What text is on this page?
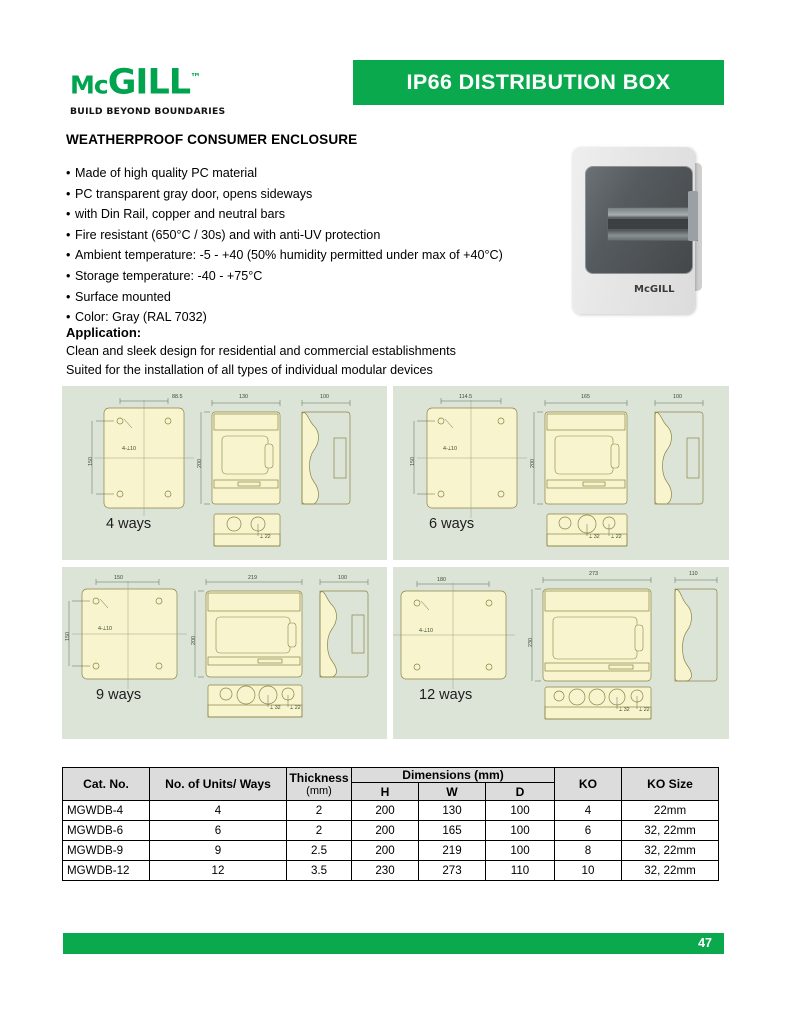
McGILL™
BUILD BEYOND BOUNDARIES
IP66 DISTRIBUTION BOX
WEATHERPROOF CONSUMER ENCLOSURE
• Made of high quality PC material
• PC transparent gray door, opens sideways
• with Din Rail, copper and neutral bars
• Fire resistant (650°C / 30s) and with anti-UV protection
• Ambient temperature: -5 - +40 (50% humidity permitted under max of +40°C)
• Storage temperature: -40 - +75°C
• Surface mounted
• Color: Gray (RAL 7032)
Application:
Clean and sleek design for residential and commercial establishments
Suited for the installation of all types of individual modular devices
McGILL
88.5
4-⟘10
150
130
200
100
⟘ 22
4 ways
114.5
4-⟘10
150
165
200
100
⟘ 32 ⟘ 22
6 ways
150
4-⟘10
150
219
200
100
⟘ 32 ⟘ 22
9 ways
180
4-⟘10
273
230
110
⟘ 32 ⟘ 22
12 ways
Cat. No.	No. of Units/ Ways	Thickness
(mm)	Dimensions (mm)			KO	KO Size
			H	W	D		
MGWDB-4	4	2	200	130	100	4	22mm
MGWDB-6	6	2	200	165	100	6	32, 22mm
MGWDB-9	9	2.5	200	219	100	8	32, 22mm
MGWDB-12	12	3.5	230	273	110	10	32, 22mm
47
